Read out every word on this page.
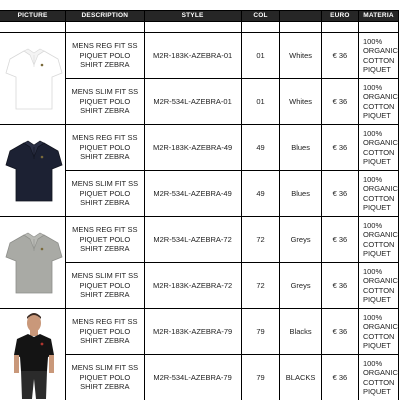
PICTURE	DESCRIPTION	STYLE	COL		EURO	MATERIA

	MENS REG FIT SS PIQUET POLO SHIRT ZEBRA	M2R-183K-AZEBRA-01	01	Whites	€ 36	100% ORGANIC COTTON PIQUET
	MENS SLIM FIT SS PIQUET POLO SHIRT ZEBRA	M2R-534L-AZEBRA-01	01	Whites	€ 36	100% ORGANIC COTTON PIQUET

	MENS REG FIT SS PIQUET POLO SHIRT ZEBRA	M2R-183K-AZEBRA-49	49	Blues	€ 36	100% ORGANIC COTTON PIQUET
	MENS SLIM FIT SS PIQUET POLO SHIRT ZEBRA	M2R-534L-AZEBRA-49	49	Blues	€ 36	100% ORGANIC COTTON PIQUET

	MENS REG FIT SS PIQUET POLO SHIRT ZEBRA	M2R-534L-AZEBRA-72	72	Greys	€ 36	100% ORGANIC COTTON PIQUET
	MENS SLIM FIT SS PIQUET POLO SHIRT ZEBRA	M2R-183K-AZEBRA-72	72	Greys	€ 36	100% ORGANIC COTTON PIQUET

	MENS REG FIT SS PIQUET POLO SHIRT ZEBRA	M2R-183K-AZEBRA-79	79	Blacks	€ 36	100% ORGANIC COTTON PIQUET
	MENS SLIM FIT SS PIQUET POLO SHIRT ZEBRA	M2R-534L-AZEBRA-79	79	BLACKS	€ 36	100% ORGANIC COTTON PIQUET
